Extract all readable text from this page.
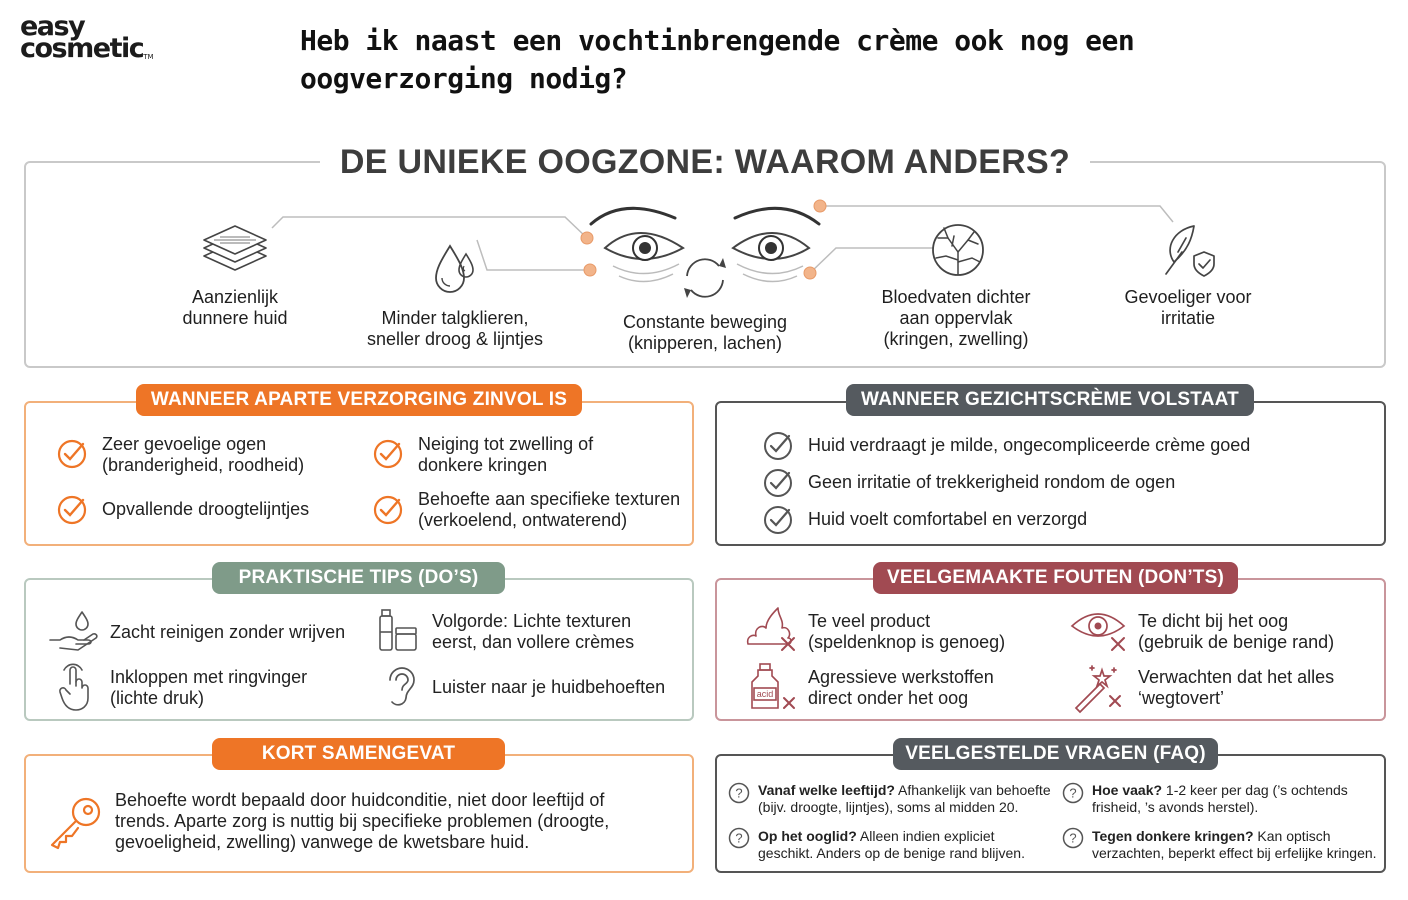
easy
cosmetic™	Heb ik naast een vochtinbrengende crème ook nog een oogverzorging nodig?
DE UNIEKE OOGZONE: WAAROM ANDERS?
Aanzienlijk
dunnere huid	Minder talgklieren,
sneller droog & lijntjes
Constante beweging
(knipperen, lachen)
Bloedvaten dichter
aan oppervlak
(kringen, zwelling)
Gevoeliger voor
irritatie
WANNEER APARTE VERZORGING ZINVOL IS
Zeer gevoelige ogen
(branderigheid, roodheid)
Neiging tot zwelling of
donkere kringen
Opvallende droogtelijntjes	Behoefte aan specifieke texturen
(verkoelend, ontwaterend)
WANNEER GEZICHTSCRÈME VOLSTAAT
Huid verdraagt je milde, ongecompliceerde crème goed
Geen irritatie of trekkerigheid rondom de ogen
Huid voelt comfortabel en verzorgd
PRAKTISCHE TIPS (DO’S)
Zacht reinigen zonder wrijven
Volgorde: Lichte texturen
eerst, dan vollere crèmes
Inkloppen met ringvinger
(lichte druk)
Luister naar je huidbehoeften
VEELGEMAAKTE FOUTEN (DON’TS)
Te veel product
(speldenknop is genoeg)
Te dicht bij het oog
(gebruik de benige rand)
acid
Agressieve werkstoffen
direct onder het oog
Verwachten dat het alles
‘wegtovert’
KORT SAMENGEVAT
Behoefte wordt bepaald door huidconditie, niet door leeftijd of
trends. Aparte zorg is nuttig bij specifieke problemen (droogte,
gevoeligheid, zwelling) vanwege de kwetsbare huid.
VEELGESTELDE VRAGEN (FAQ)
? Vanaf welke leeftijd? Afhankelijk van behoefte
(bijv. droogte, lijntjes), soms al midden 20.
? Hoe vaak? 1-2 keer per dag (’s ochtends
frisheid, ’s avonds herstel).
? Op het ooglid? Alleen indien expliciet
geschikt. Anders op de benige rand blijven.
? Tegen donkere kringen? Kan optisch
verzachten, beperkt effect bij erfelijke kringen.
